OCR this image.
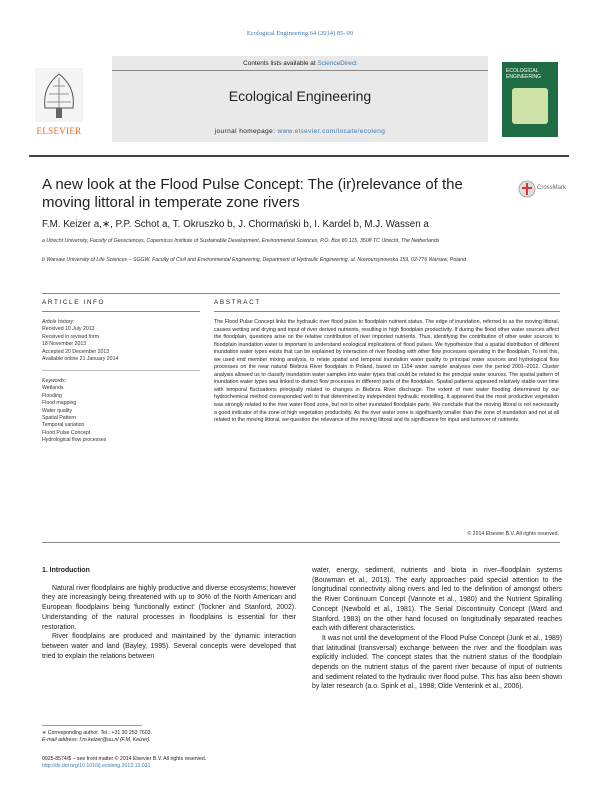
Ecological Engineering 64 (2014) 85–99
ELSEVIER
Contents lists available at ScienceDirect
Ecological Engineering
journal homepage: www.elsevier.com/locate/ecoleng
ECOLOGICAL ENGINEERING
A new look at the Flood Pulse Concept: The (ir)relevance of the moving littoral in temperate zone rivers
CrossMark
F.M. Keizer a,∗, P.P. Schot a, T. Okruszko b, J. Chormański b, I. Kardel b, M.J. Wassen a
a Utrecht University, Faculty of Geosciences, Copernicus Institute of Sustainable Development, Environmental Sciences, P.O. Box 80.115, 3508 TC Utrecht, The Netherlands
b Warsaw University of Life Sciences – SGGW, Faculty of Civil and Environmental Engineering, Department of Hydraulic Engineering, ul. Nowoursynowska 159, 02-776 Warsaw, Poland
ARTICLE INFO	ABSTRACT
Article history:
Received 10 July 2013
Received in revised form
18 November 2013
Accepted 20 December 2013
Available online 21 January 2014
Keywords:
Wetlands
Flooding
Flood mapping
Water quality
Spatial Pattern
Temporal variation
Flood Pulse Concept
Hydrological flow processes
The Flood Pulse Concept links the hydraulic river flood pulse to floodplain nutrient status. The edge of inundation, referred to as the moving littoral, causes wetting and drying and input of river derived nutrients, resulting in high floodplain productivity. If during the flood other water sources affect the floodplain, questions arise on the relative contribution of river imported nutrients. Thus, identifying the contribution of other water sources to floodplain inundation water is important to understand ecological implications of flood pulses. We hypothesize that a spatial distribution of different inundation water types exists that can be explained by interaction of river flooding with other flow processes operating in the floodplain. To test this, we used end member mixing analysis, to relate spatial and temporal inundation water quality to principal water sources and hydrological flow processes on the near natural Biebrza River floodplain in Poland, based on 1154 water sample analyses over the period 2001–2012. Cluster analysis allowed us to classify inundation water samples into water types that could be related to the principal water sources. The spatial pattern of inundation water types was linked to distinct flow processes in different parts of the floodplain. Spatial patterns appeared relatively stable over time with temporal fluctuations principally related to changes in Biebrza River discharge. The extent of river water flooding determined by our hydrochemical method corresponded well to that determined by independent hydraulic modelling. It appeared that the most productive vegetation was strongly related to the river water flood zone, but not to other inundated floodplain parts. We conclude that the moving littoral is not necessarily a good indicator of the zone of high vegetation productivity. As the river water zone is significantly smaller than the zone of inundation and not at all related to the moving littoral, we question the relevance of the moving littoral and its significance for input and turnover of nutrients.
© 2014 Elsevier B.V. All rights reserved.

1. Introduction

Natural river floodplains are highly productive and diverse ecosystems; however they are increasingly being threatened with up to 90% of the North American and European floodplains being 'functionally extinct' (Tockner and Stanford, 2002). Understanding of the natural processes in floodplains is essential for their restoration.

River floodplains are produced and maintained by the dynamic interaction between water and land (Bayley, 1995). Several concepts were developed that tried to explain the relations between

water, energy, sediment, nutrients and biota in river–floodplain systems (Bouwman et al., 2013). The early approaches paid special attention to the longitudinal connectivity along rivers and led to the definition of amongst others the River Continuum Concept (Vannote et al., 1980) and the Nutrient Spiralling Concept (Newbold et al., 1981). The Serial Discontinuity Concept (Ward and Stanford, 1983) on the other hand focused on longitudinally separated reaches each with different characteristics.

It was not until the development of the Flood Pulse Concept (Junk et al., 1989) that latitudinal (transversal) exchange between the river and the floodplain was explicitly included. The concept states that the nutrient status of the floodplain depends on the nutrient status of the parent river because of input of nutrients and sediment related to the hydraulic river flood pulse. This has also been shown by later research (a.o. Spink et al., 1998; Olde Venterink et al., 2006).

∗ Corresponding author. Tel.: +31 30 253 7603.
E-mail address: f.m.keizer@uu.nl (F.M. Keizer).
0925-8574/$ – see front matter © 2014 Elsevier B.V. All rights reserved.
http://dx.doi.org/10.1016/j.ecoleng.2013.12.031
